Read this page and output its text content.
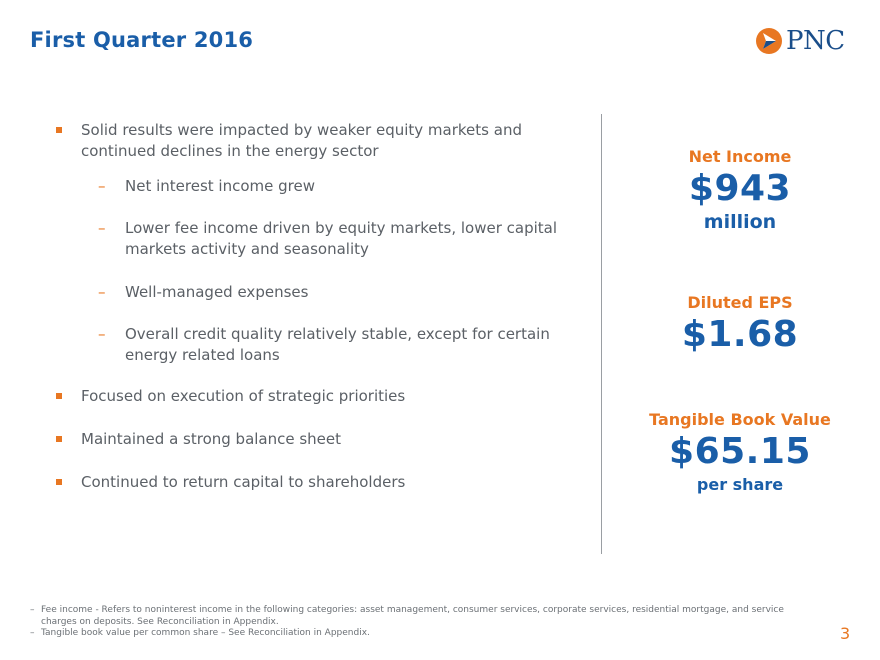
First Quarter 2016	PNC
Solid results were impacted by weaker equity markets and continued declines in the energy sector
–	Net interest income grew
–	Lower fee income driven by equity markets, lower capital markets activity and seasonality
–	Well-managed expenses
–	Overall credit quality relatively stable, except for certain energy related loans
Focused on execution of strategic priorities
Maintained a strong balance sheet
Continued to return capital to shareholders
Net Income
$943
million
Diluted EPS
$1.68
Tangible Book Value
$65.15
per share
– Fee income - Refers to noninterest income in the following categories: asset management, consumer services, corporate services, residential mortgage, and service charges on deposits. See Reconciliation in Appendix.
– Tangible book value per common share – See Reconciliation in Appendix.	3
